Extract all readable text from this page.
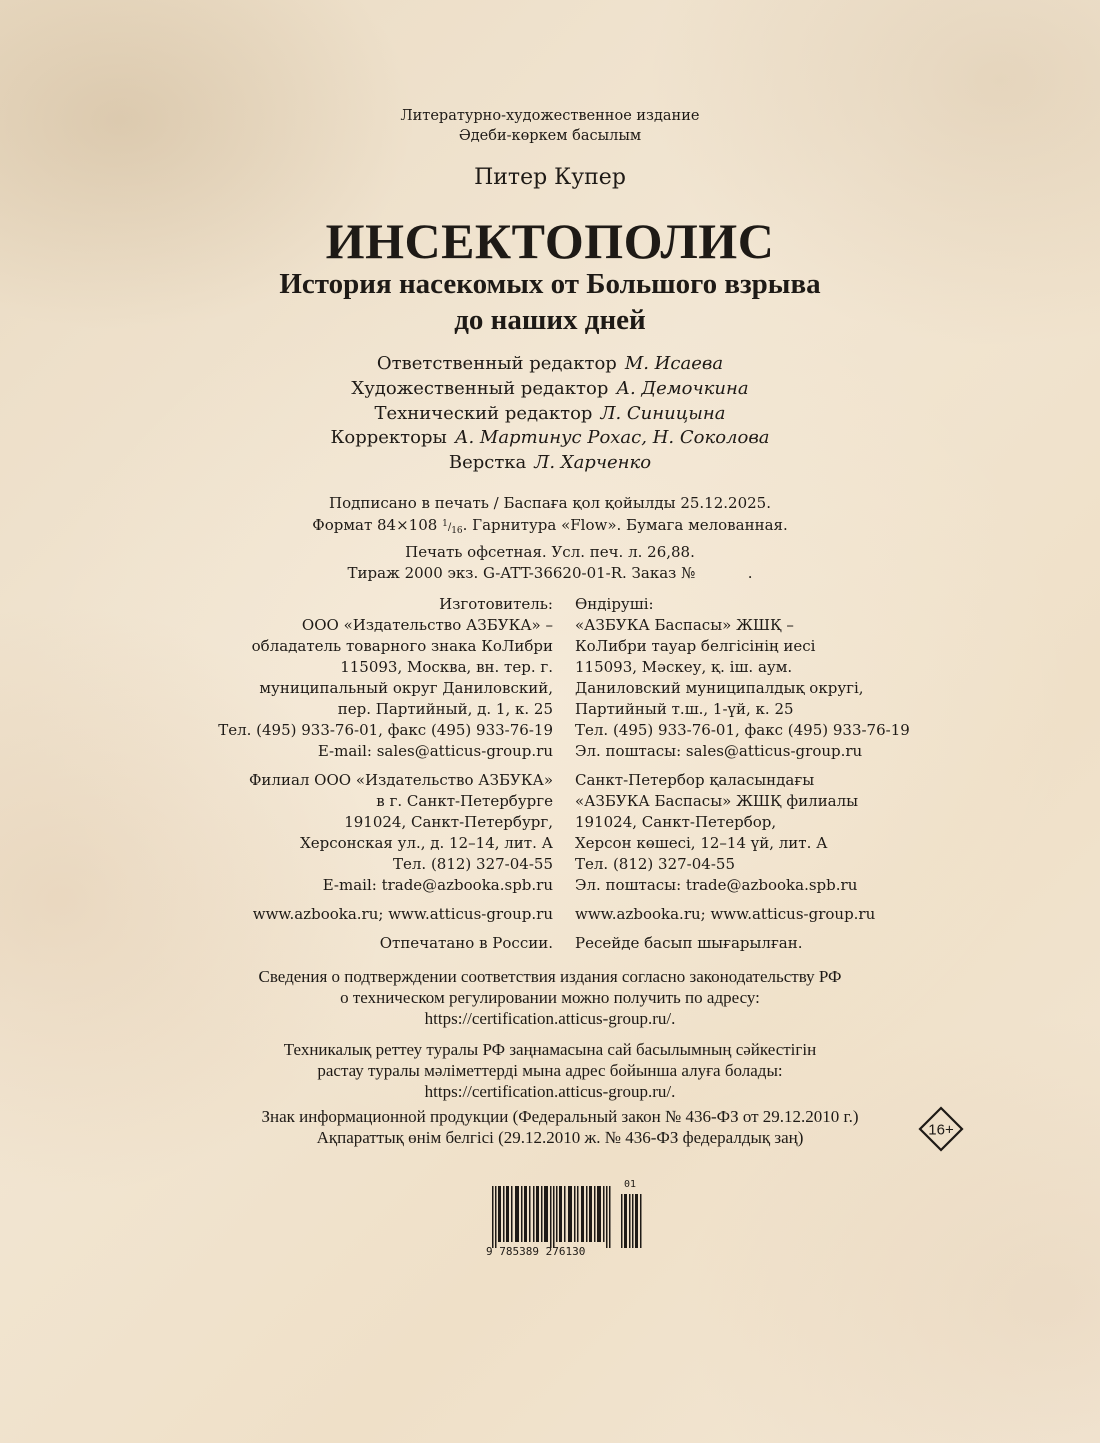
Литературно-художественное издание
Әдеби-көркем басылым
Питер Купер
ИНСЕКТОПОЛИС
История насекомых от Большого взрыва
до наших дней
Ответственный редактор М. Исаева
Художественный редактор А. Демочкина
Технический редактор Л. Синицына
Корректоры А. Мартинус Рохас, Н. Соколова
Верстка Л. Харченко
Подписано в печать / Баспаға қол қойылды 25.12.2025.
Формат 84×108 $^1/_{16}$. Гарнитура «Flow». Бумага мелованная.
Печать офсетная. Усл. печ. л. 26,88.
Тираж 2000 экз. G-ATT-36620-01-R. Заказ №           .
Изготовитель:
ООО «Издательство АЗБУКА» –
обладатель товарного знака КоЛибри
115093, Москва, вн. тер. г.
муниципальный округ Даниловский,
пер. Партийный, д. 1, к. 25
Тел. (495) 933-76-01, факс (495) 933-76-19
E-mail: sales@atticus-group.ru
Филиал ООО «Издательство АЗБУКА»
в г. Санкт-Петербурге
191024, Санкт-Петербург,
Херсонская ул., д. 12–14, лит. А
Тел. (812) 327-04-55
E-mail: trade@azbooka.spb.ru
www.azbooka.ru; www.atticus-group.ru
Отпечатано в России.
Өндіруші:
«АЗБУКА Баспасы» ЖШҚ –
КоЛибри тауар белгісінің иесі
115093, Мәскеу, қ. іш. аум.
Даниловский муниципалдық округі,
Партийный т.ш., 1-үй, к. 25
Тел. (495) 933-76-01, факс (495) 933-76-19
Эл. поштасы: sales@atticus-group.ru
Санкт-Петербор қаласындағы
«АЗБУКА Баспасы» ЖШҚ филиалы
191024, Санкт-Петербор,
Херсон көшесі, 12–14 үй, лит. А
Тел. (812) 327-04-55
Эл. поштасы: trade@azbooka.spb.ru
www.azbooka.ru; www.atticus-group.ru
Ресейде басып шығарылған.
Сведения о подтверждении соответствия издания согласно законодательству РФ
о техническом регулировании можно получить по адресу:
https://certification.atticus-group.ru/.
Техникалық реттеу туралы РФ заңнамасына сай басылымның сәйкестігін
растау туралы мәліметтерді мына адрес бойынша алуға болады:
https://certification.atticus-group.ru/.
Знак информационной продукции (Федеральный закон № 436-ФЗ от 29.12.2010 г.)
Ақпараттық өнім белгісі (29.12.2010 ж. № 436-ФЗ федералдық заң)	16+
9 785389 276130
01
